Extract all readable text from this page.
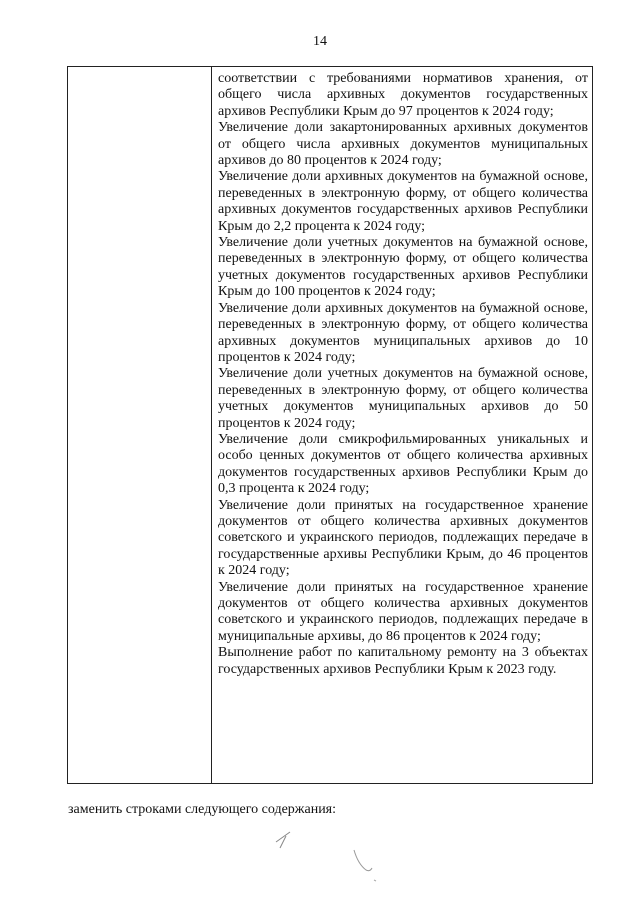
14

соответствии с требованиями нормативов хранения, от общего числа архивных документов государственных архивов Республики Крым до 97 процентов к 2024 году;

Увеличение доли закартонированных архивных документов от общего числа архивных документов муниципальных архивов до 80 процентов к 2024 году;

Увеличение доли архивных документов на бумажной основе, переведенных в электронную форму, от общего количества архивных документов государственных архивов Республики Крым до 2,2 процента к 2024 году;

Увеличение доли учетных документов на бумажной основе, переведенных в электронную форму, от общего количества учетных документов государственных архивов Республики Крым до 100 процентов к 2024 году;

Увеличение доли архивных документов на бумажной основе, переведенных в электронную форму, от общего количества архивных документов муниципальных архивов до 10 процентов к 2024 году;

Увеличение доли учетных документов на бумажной основе, переведенных в электронную форму, от общего количества учетных документов муниципальных архивов до 50 процентов к 2024 году;

Увеличение доли смикрофильмированных уникальных и особо ценных документов от общего количества архивных документов государственных архивов Республики Крым до 0,3 процента к 2024 году;

Увеличение доли принятых на государственное хранение документов от общего количества архивных документов советского и украинского периодов, подлежащих передаче в государственные архивы Республики Крым, до 46 процентов к 2024 году;

Увеличение доли принятых на государственное хранение документов от общего количества архивных документов советского и украинского периодов, подлежащих передаче в муниципальные архивы, до 86 процентов к 2024 году;

Выполнение работ по капитальному ремонту на 3 объектах государственных архивов Республики Крым к 2023 году.

заменить строками следующего содержания:
